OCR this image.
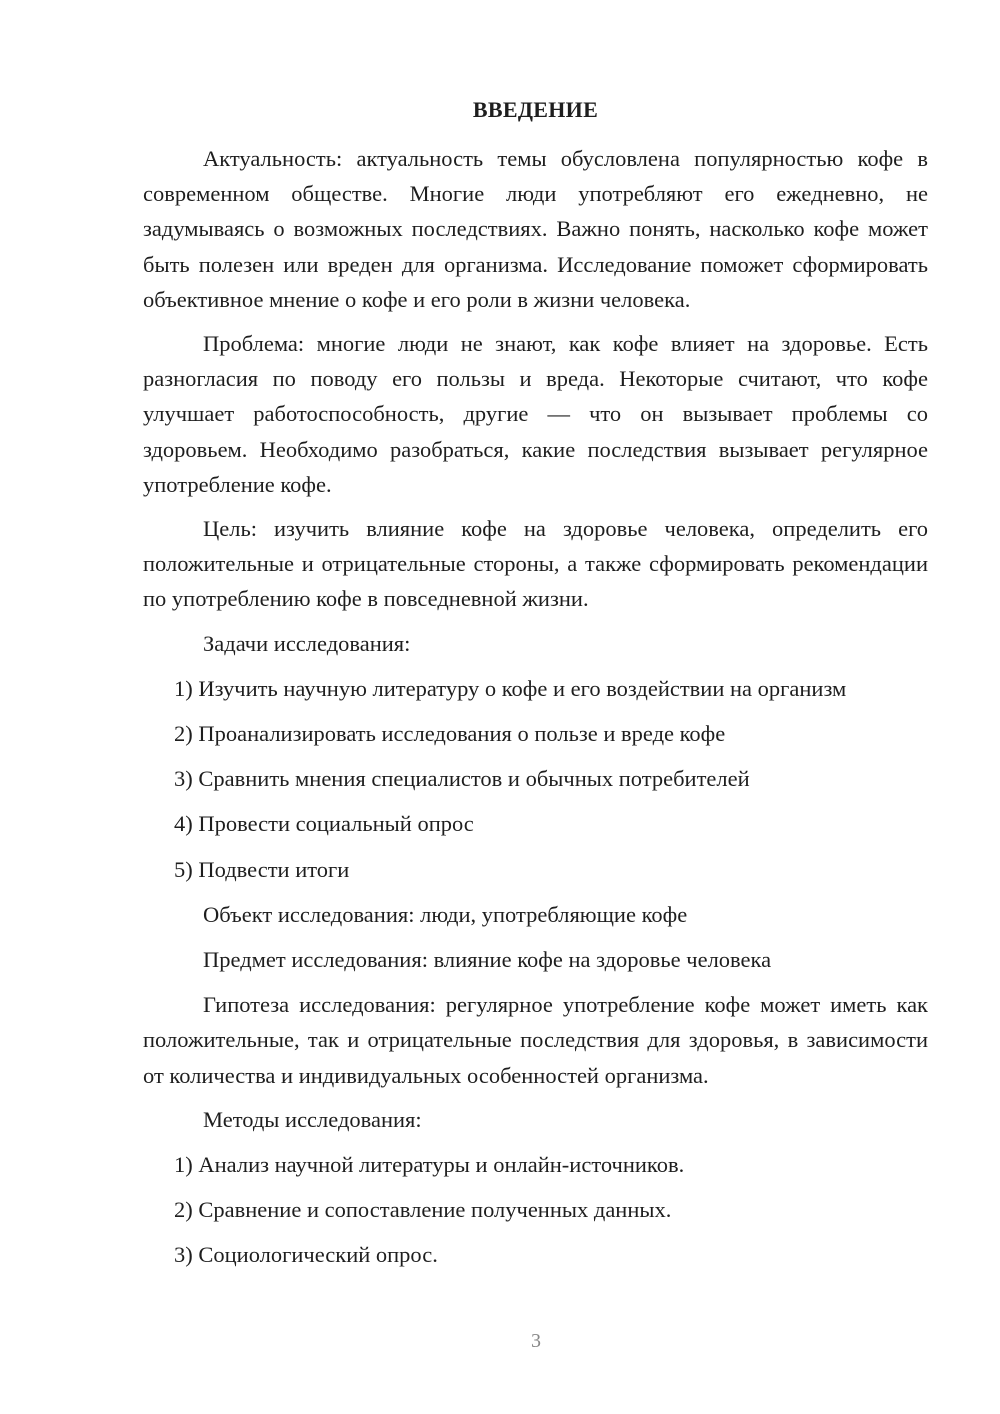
ВВЕДЕНИЕ

Актуальность: актуальность темы обусловлена популярностью кофе в современном обществе. Многие люди употребляют его ежедневно, не задумываясь о возможных последствиях. Важно понять, насколько кофе может быть полезен или вреден для организма. Исследование поможет сформировать объективное мнение о кофе и его роли в жизни человека.

Проблема: многие люди не знают, как кофе влияет на здоровье. Есть разногласия по поводу его пользы и вреда. Некоторые считают, что кофе улучшает работоспособность, другие — что он вызывает проблемы со здоровьем. Необходимо разобраться, какие последствия вызывает регулярное употребление кофе.

Цель: изучить влияние кофе на здоровье человека, определить его положительные и отрицательные стороны, а также сформировать рекомендации по употреблению кофе в повседневной жизни.

Задачи исследования:
1) Изучить научную литературу о кофе и его воздействии на организм
2) Проанализировать исследования о пользе и вреде кофе
3) Сравнить мнения специалистов и обычных потребителей
4) Провести социальный опрос
5) Подвести итоги
Объект исследования: люди, употребляющие кофе
Предмет исследования: влияние кофе на здоровье человека

Гипотеза исследования: регулярное употребление кофе может иметь как положительные, так и отрицательные последствия для здоровья, в зависимости от количества и индивидуальных особенностей организма.

Методы исследования:
1) Анализ научной литературы и онлайн-источников.
2) Сравнение и сопоставление полученных данных.
3) Социологический опрос.
3
